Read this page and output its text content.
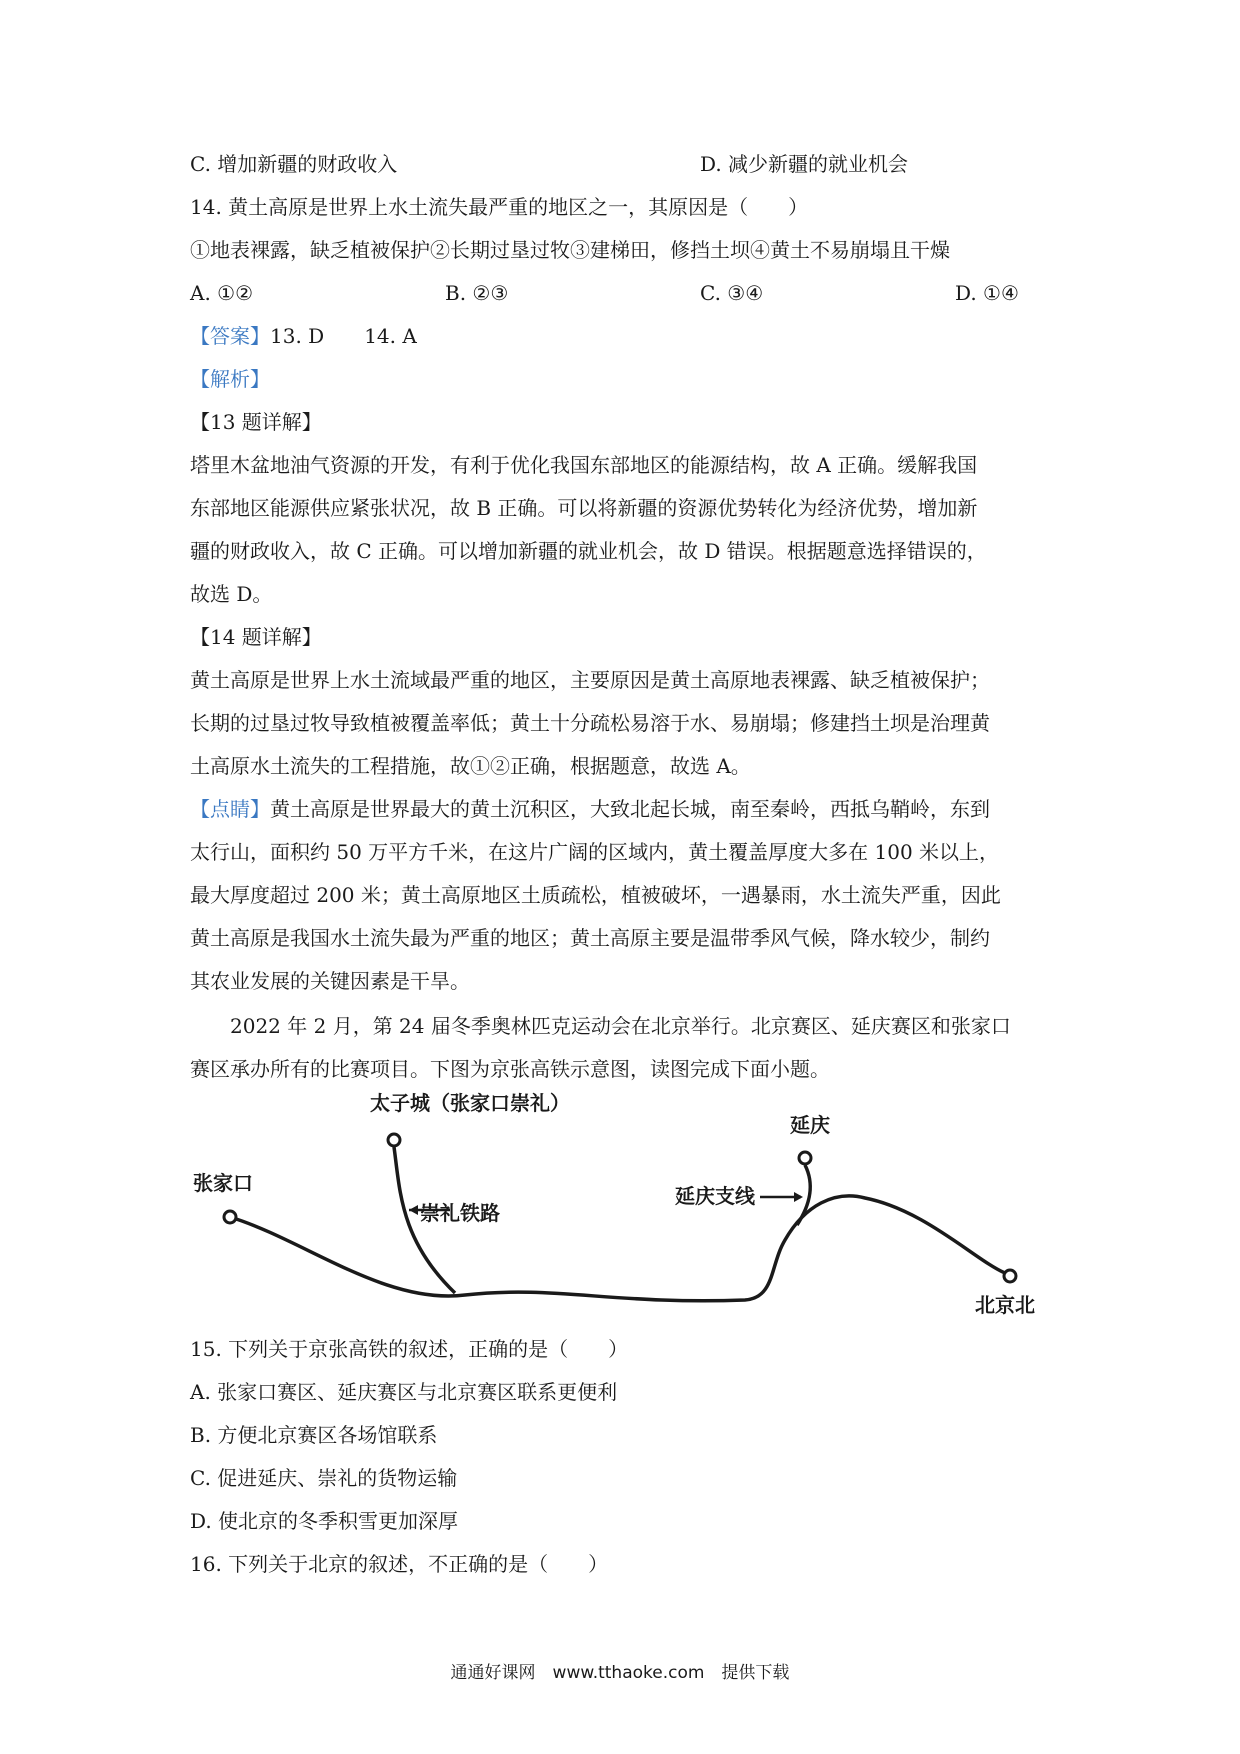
C. 增加新疆的财政收入	D. 减少新疆的就业机会
14. 黄土高原是世界上水土流失最严重的地区之一，其原因是（　　）
①地表裸露，缺乏植被保护②长期过垦过牧③建梯田，修挡土坝④黄土不易崩塌且干燥
A. ①②	B. ②③	C. ③④	D. ①④
【答案】13. D　　14. A
【解析】
【13 题详解】
塔里木盆地油气资源的开发，有利于优化我国东部地区的能源结构，故 A 正确。缓解我国
东部地区能源供应紧张状况，故 B 正确。可以将新疆的资源优势转化为经济优势，增加新
疆的财政收入，故 C 正确。可以增加新疆的就业机会，故 D 错误。根据题意选择错误的，
故选 D。
【14 题详解】
黄土高原是世界上水土流域最严重的地区，主要原因是黄土高原地表裸露、缺乏植被保护；
长期的过垦过牧导致植被覆盖率低；黄土十分疏松易溶于水、易崩塌；修建挡土坝是治理黄
土高原水土流失的工程措施，故①②正确，根据题意，故选 A。
【点睛】黄土高原是世界最大的黄土沉积区，大致北起长城，南至秦岭，西抵乌鞘岭，东到
太行山，面积约 50 万平方千米，在这片广阔的区域内，黄土覆盖厚度大多在 100 米以上，
最大厚度超过 200 米；黄土高原地区土质疏松，植被破坏，一遇暴雨，水土流失严重，因此
黄土高原是我国水土流失最为严重的地区；黄土高原主要是温带季风气候，降水较少，制约
其农业发展的关键因素是干旱。
2022 年 2 月，第 24 届冬季奥林匹克运动会在北京举行。北京赛区、延庆赛区和张家口
赛区承办所有的比赛项目。下图为京张高铁示意图，读图完成下面小题。
太子城（张家口崇礼）
崇礼铁路
张家口
延庆
延庆支线
北京北
15. 下列关于京张高铁的叙述，正确的是（　　）
A. 张家口赛区、延庆赛区与北京赛区联系更便利
B. 方便北京赛区各场馆联系
C. 促进延庆、崇礼的货物运输
D. 使北京的冬季积雪更加深厚
16. 下列关于北京的叙述，不正确的是（　　）
通通好课网　www.tthaoke.com　提供下载
